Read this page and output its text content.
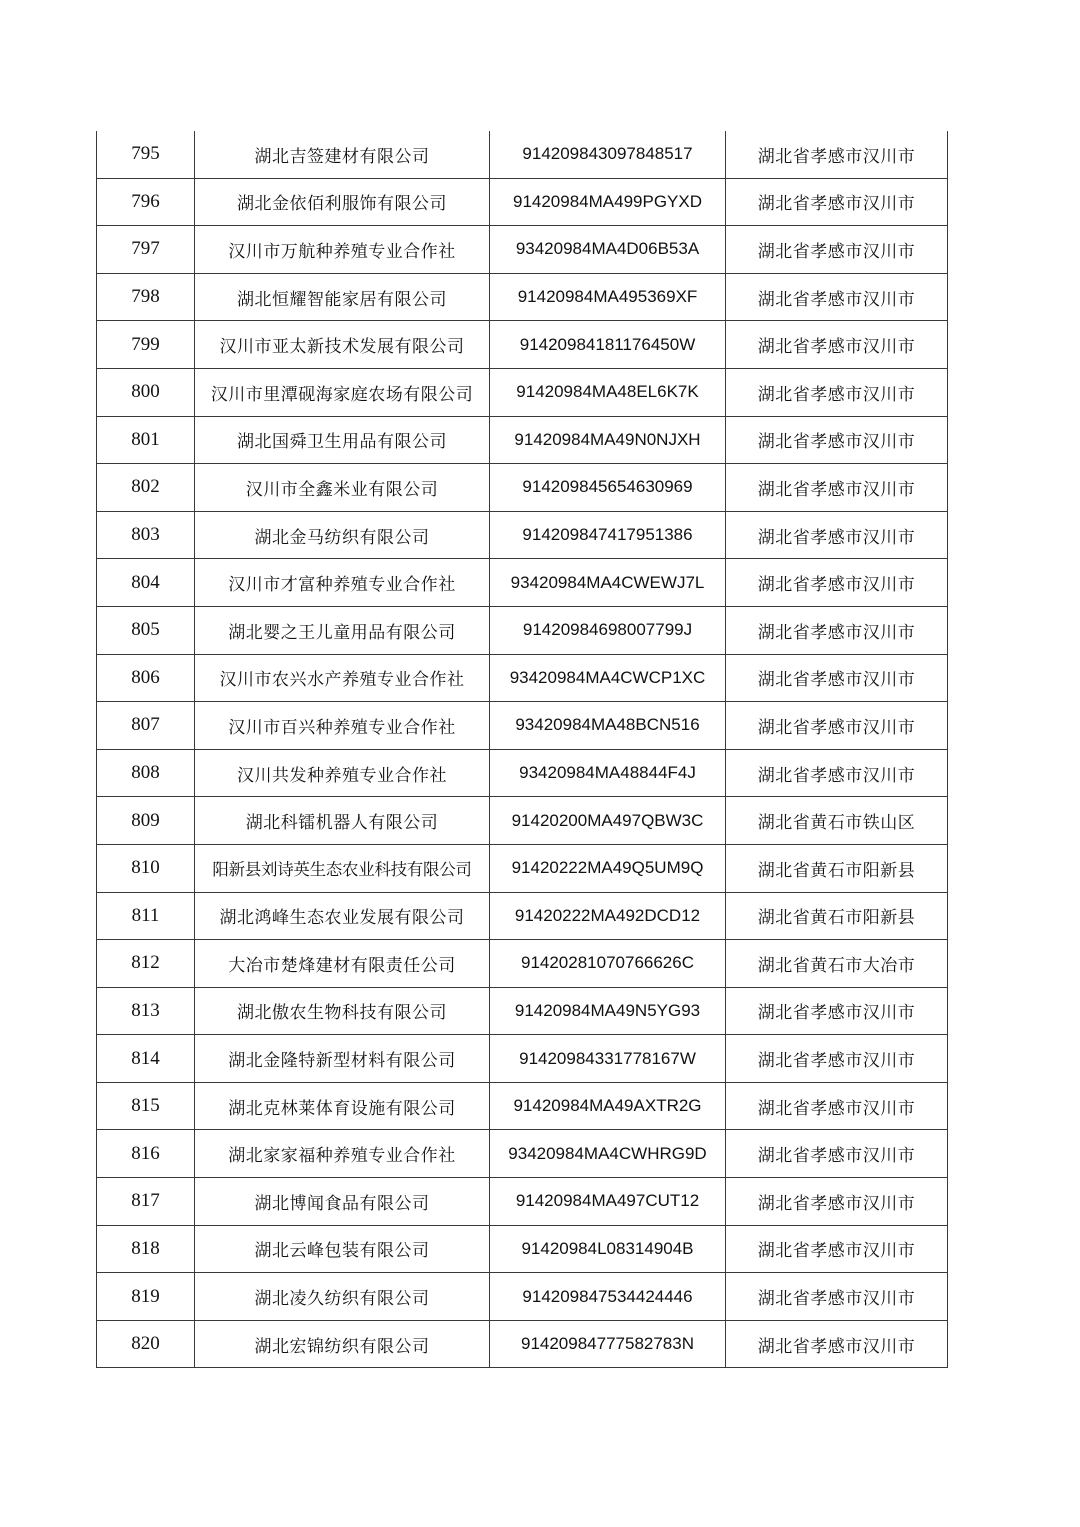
795	湖北吉签建材有限公司	914209843097848517	湖北省孝感市汉川市
796	湖北金依佰利服饰有限公司	91420984MA499PGYXD	湖北省孝感市汉川市
797	汉川市万航种养殖专业合作社	93420984MA4D06B53A	湖北省孝感市汉川市
798	湖北恒耀智能家居有限公司	91420984MA495369XF	湖北省孝感市汉川市
799	汉川市亚太新技术发展有限公司	91420984181176450W	湖北省孝感市汉川市
800	汉川市里潭砚海家庭农场有限公司	91420984MA48EL6K7K	湖北省孝感市汉川市
801	湖北国舜卫生用品有限公司	91420984MA49N0NJXH	湖北省孝感市汉川市
802	汉川市全鑫米业有限公司	914209845654630969	湖北省孝感市汉川市
803	湖北金马纺织有限公司	914209847417951386	湖北省孝感市汉川市
804	汉川市才富种养殖专业合作社	93420984MA4CWEWJ7L	湖北省孝感市汉川市
805	湖北婴之王儿童用品有限公司	91420984698007799J	湖北省孝感市汉川市
806	汉川市农兴水产养殖专业合作社	93420984MA4CWCP1XC	湖北省孝感市汉川市
807	汉川市百兴种养殖专业合作社	93420984MA48BCN516	湖北省孝感市汉川市
808	汉川共发种养殖专业合作社	93420984MA48844F4J	湖北省孝感市汉川市
809	湖北科镭机器人有限公司	91420200MA497QBW3C	湖北省黄石市铁山区
810	阳新县刘诗英生态农业科技有限公司	91420222MA49Q5UM9Q	湖北省黄石市阳新县
811	湖北鸿峰生态农业发展有限公司	91420222MA492DCD12	湖北省黄石市阳新县
812	大冶市楚烽建材有限责任公司	91420281070766626C	湖北省黄石市大冶市
813	湖北傲农生物科技有限公司	91420984MA49N5YG93	湖北省孝感市汉川市
814	湖北金隆特新型材料有限公司	91420984331778167W	湖北省孝感市汉川市
815	湖北克林莱体育设施有限公司	91420984MA49AXTR2G	湖北省孝感市汉川市
816	湖北家家福种养殖专业合作社	93420984MA4CWHRG9D	湖北省孝感市汉川市
817	湖北博闻食品有限公司	91420984MA497CUT12	湖北省孝感市汉川市
818	湖北云峰包装有限公司	91420984L08314904B	湖北省孝感市汉川市
819	湖北凌久纺织有限公司	914209847534424446	湖北省孝感市汉川市
820	湖北宏锦纺织有限公司	91420984777582783N	湖北省孝感市汉川市
